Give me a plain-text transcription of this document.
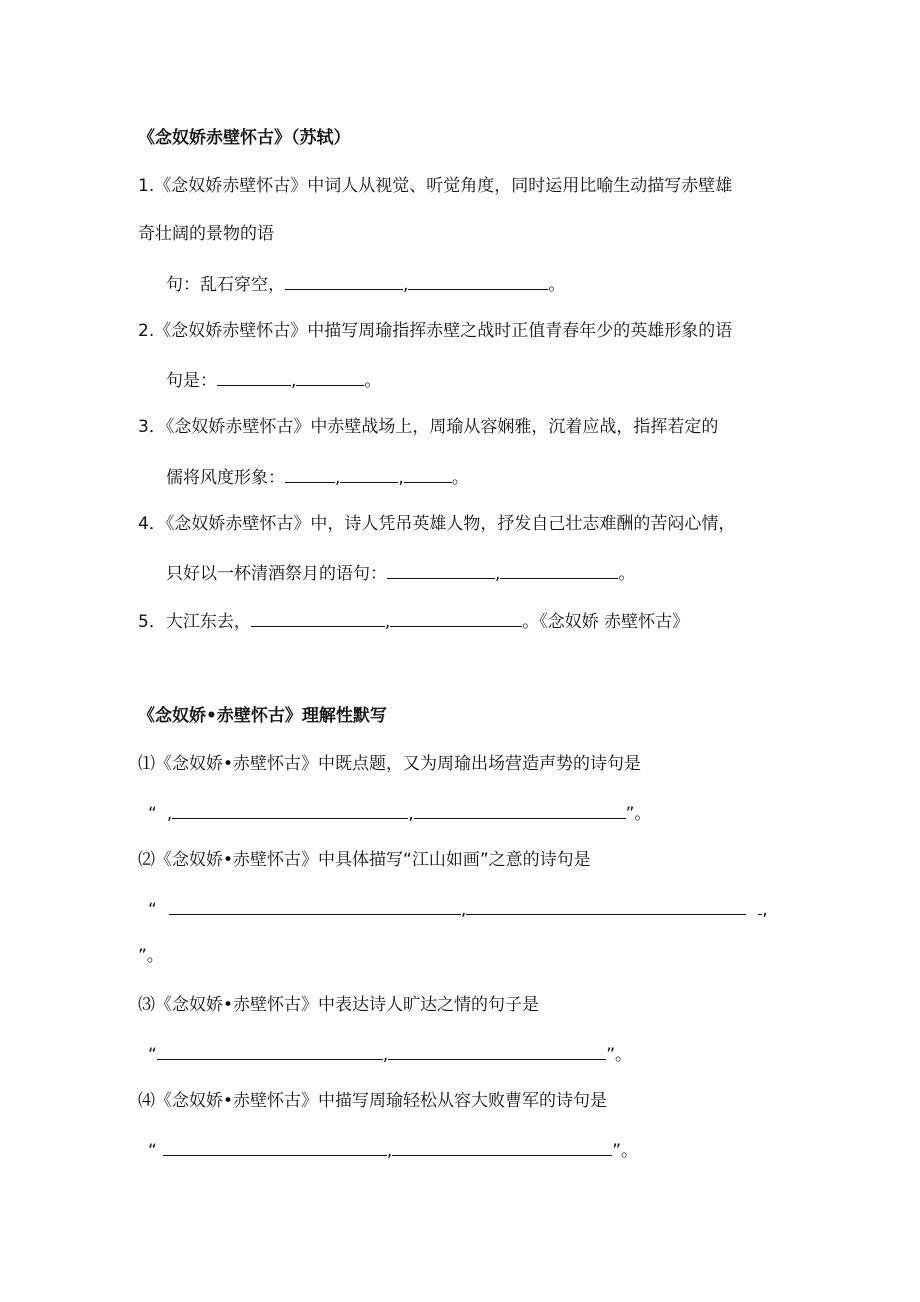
《念奴娇赤壁怀古》（苏轼）
1.《念奴娇赤壁怀古》中词人从视觉、听觉角度，同时运用比喻生动描写赤壁雄
奇壮阔的景物的语
句：乱石穿空，	,	。
2.《念奴娇赤壁怀古》中描写周瑜指挥赤壁之战时正值青春年少的英雄形象的语
句是：	,	。
3．《念奴娇赤壁怀古》中赤壁战场上，周瑜从容娴雅，沉着应战，指挥若定的
儒将风度形象：	,	,	。
4．《念奴娇赤壁怀古》中，诗人凭吊英雄人物，抒发自己壮志难酬的苦闷心情，
只好以一杯清酒祭月的语句：	,	。
5．大江东去，	,	。《念奴娇 赤壁怀古》
《念奴娇•赤壁怀古》理解性默写
⑴《念奴娇•赤壁怀古》中既点题，又为周瑜出场营造声势的诗句是
“ ,	,	”。
⑵《念奴娇•赤壁怀古》中具体描写“江山如画”之意的诗句是
“	,	,
”。
⑶《念奴娇•赤壁怀古》中表达诗人旷达之情的句子是
“	,	”。
⑷《念奴娇•赤壁怀古》中描写周瑜轻松从容大败曹军的诗句是
“	,	”。
